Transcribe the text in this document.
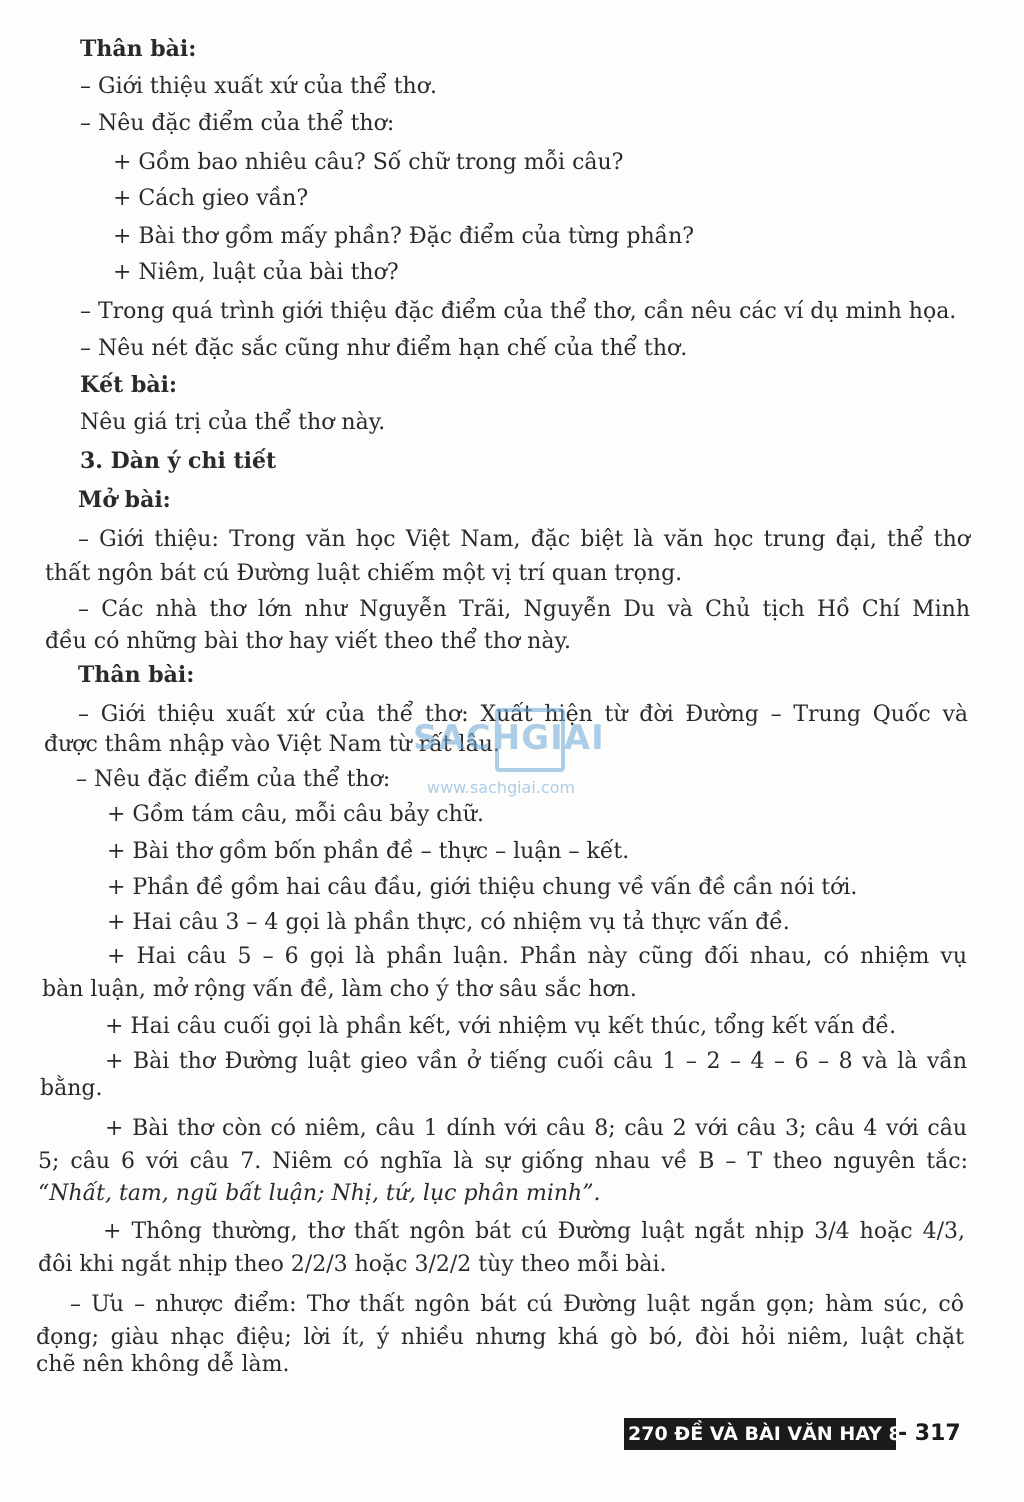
Thân bài:
– Giới thiệu xuất xứ của thể thơ.
– Nêu đặc điểm của thể thơ:
+ Gồm bao nhiêu câu? Số chữ trong mỗi câu?
+ Cách gieo vần?
+ Bài thơ gồm mấy phần? Đặc điểm của từng phần?
+ Niêm, luật của bài thơ?
– Trong quá trình giới thiệu đặc điểm của thể thơ, cần nêu các ví dụ minh họa.
– Nêu nét đặc sắc cũng như điểm hạn chế của thể thơ.
Kết bài:
Nêu giá trị của thể thơ này.
3. Dàn ý chi tiết
Mở bài:
– Giới thiệu: Trong văn học Việt Nam, đặc biệt là văn học trung đại, thể thơ
thất ngôn bát cú Đường luật chiếm một vị trí quan trọng.
– Các nhà thơ lớn như Nguyễn Trãi, Nguyễn Du và Chủ tịch Hồ Chí Minh
đều có những bài thơ hay viết theo thể thơ này.
Thân bài:
– Giới thiệu xuất xứ của thể thơ: Xuất hiện từ đời Đường – Trung Quốc và
được thâm nhập vào Việt Nam từ rất lâu.
– Nêu đặc điểm của thể thơ:
+ Gồm tám câu, mỗi câu bảy chữ.
+ Bài thơ gồm bốn phần đề – thực – luận – kết.
+ Phần đề gồm hai câu đầu, giới thiệu chung về vấn đề cần nói tới.
+ Hai câu 3 – 4 gọi là phần thực, có nhiệm vụ tả thực vấn đề.
+ Hai câu 5 – 6 gọi là phần luận. Phần này cũng đối nhau, có nhiệm vụ
bàn luận, mở rộng vấn đề, làm cho ý thơ sâu sắc hơn.
+ Hai câu cuối gọi là phần kết, với nhiệm vụ kết thúc, tổng kết vấn đề.
+ Bài thơ Đường luật gieo vần ở tiếng cuối câu 1 – 2 – 4 – 6 – 8 và là vần
bằng.
+ Bài thơ còn có niêm, câu 1 dính với câu 8; câu 2 với câu 3; câu 4 với câu
5; câu 6 với câu 7. Niêm có nghĩa là sự giống nhau về B – T theo nguyên tắc:
“Nhất, tam, ngũ bất luận; Nhị, tứ, lục phân minh”.
+ Thông thường, thơ thất ngôn bát cú Đường luật ngắt nhịp 3/4 hoặc 4/3,
đôi khi ngắt nhịp theo 2/2/3 hoặc 3/2/2 tùy theo mỗi bài.
– Ưu – nhược điểm: Thơ thất ngôn bát cú Đường luật ngắn gọn; hàm súc, cô
đọng; giàu nhạc điệu; lời ít, ý nhiều nhưng khá gò bó, đòi hỏi niêm, luật chặt
chẽ nên không dễ làm.
SACHGIAI
www.sachgiai.com
270 ĐỀ VÀ BÀI VĂN HAY 8
- 317
